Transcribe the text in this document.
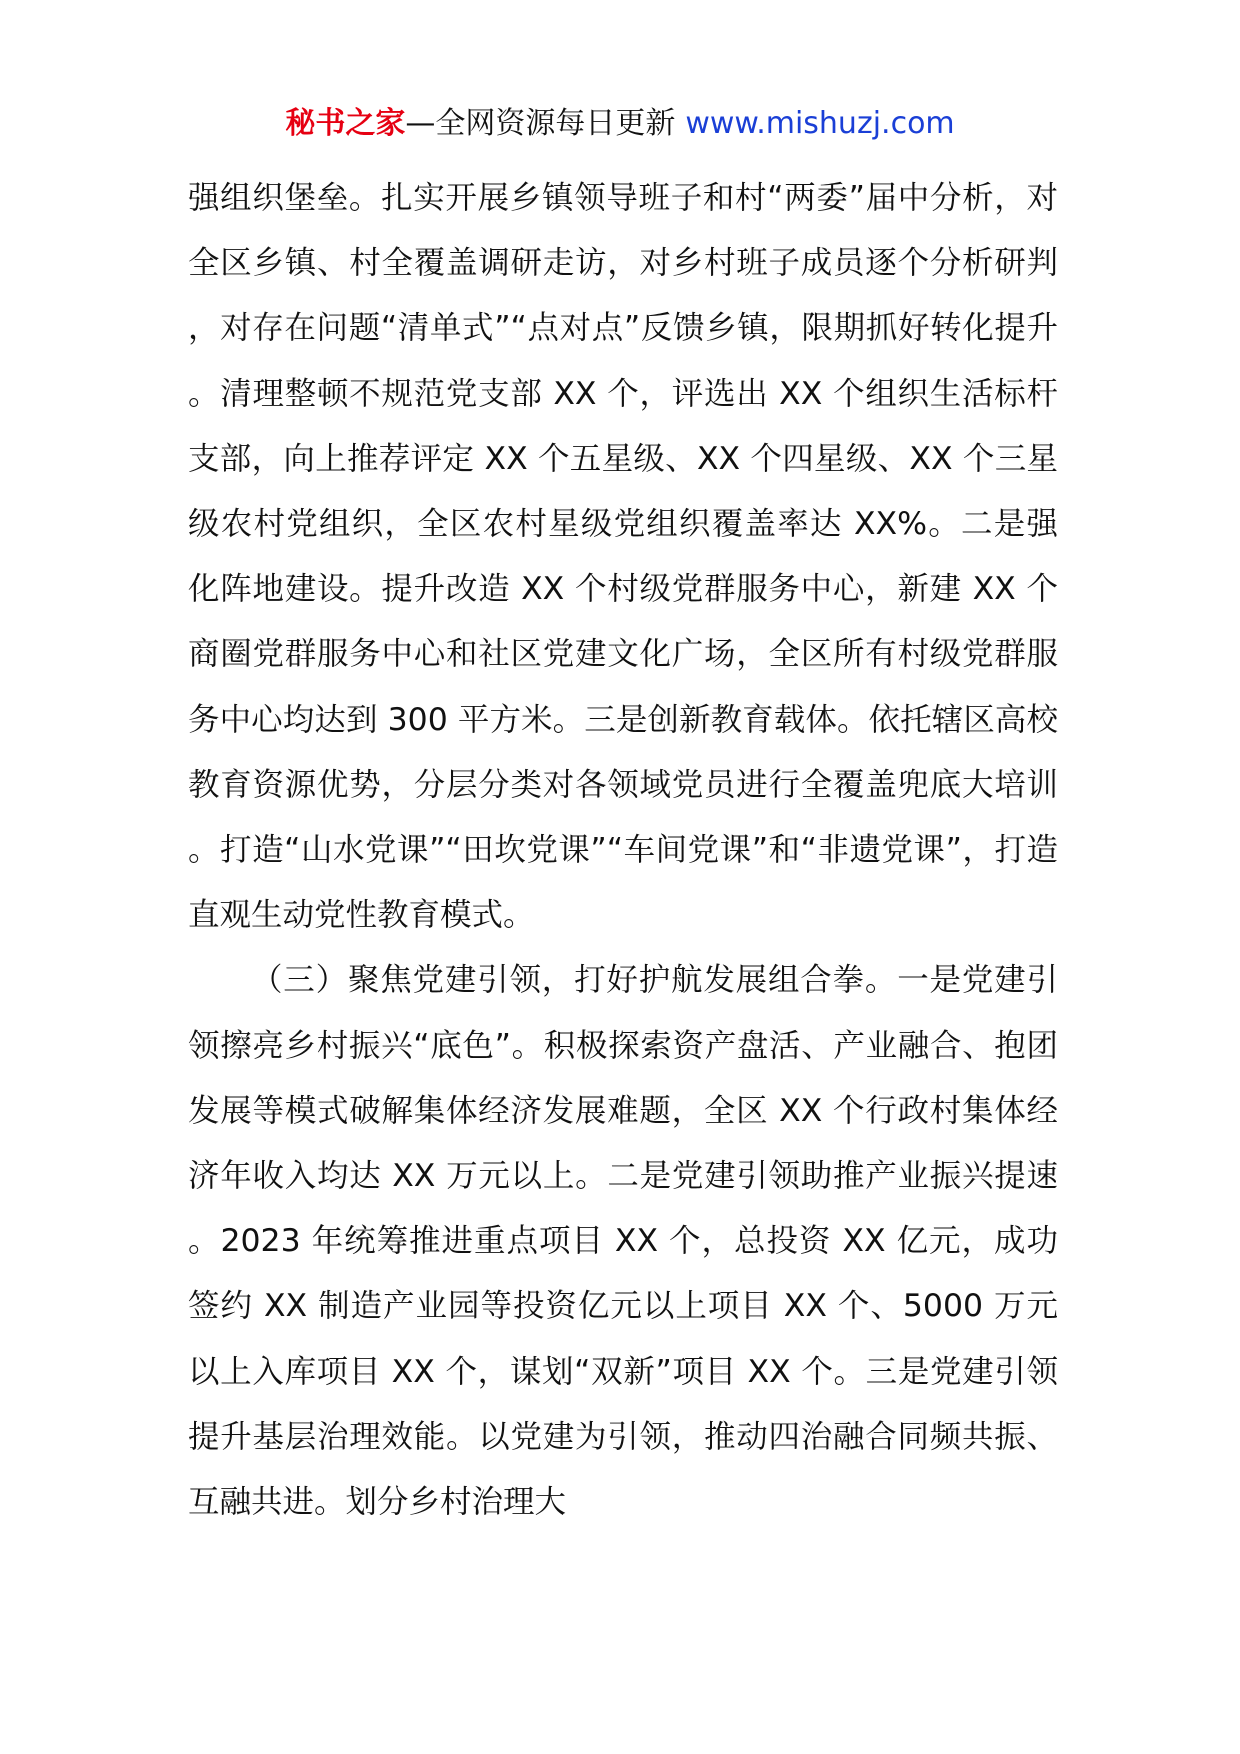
秘书之家—全网资源每日更新 www.mishuzj.com

强组织堡垒。扎实开展乡镇领导班子和村“两委”届中分析，对全区乡镇、村全覆盖调研走访，对乡村班子成员逐个分析研判，对存在问题“清单式”“点对点”反馈乡镇，限期抓好转化提升。清理整顿不规范党支部 XX 个，评选出 XX 个组织生活标杆支部，向上推荐评定 XX 个五星级、XX 个四星级、XX 个三星级农村党组织，全区农村星级党组织覆盖率达 XX%。二是强化阵地建设。提升改造 XX 个村级党群服务中心，新建 XX 个商圈党群服务中心和社区党建文化广场，全区所有村级党群服务中心均达到 300 平方米。三是创新教育载体。依托辖区高校教育资源优势，分层分类对各领域党员进行全覆盖兜底大培训。打造“山水党课”“田坎党课”“车间党课”和“非遗党课”，打造直观生动党性教育模式。

（三）聚焦党建引领，打好护航发展组合拳。一是党建引领擦亮乡村振兴“底色”。积极探索资产盘活、产业融合、抱团发展等模式破解集体经济发展难题，全区 XX 个行政村集体经济年收入均达 XX 万元以上。二是党建引领助推产业振兴提速。2023 年统筹推进重点项目 XX 个，总投资 XX 亿元，成功签约 XX 制造产业园等投资亿元以上项目 XX 个、5000 万元以上入库项目 XX 个，谋划“双新”项目 XX 个。三是党建引领提升基层治理效能。以党建为引领，推动四治融合同频共振、互融共进。划分乡村治理大
